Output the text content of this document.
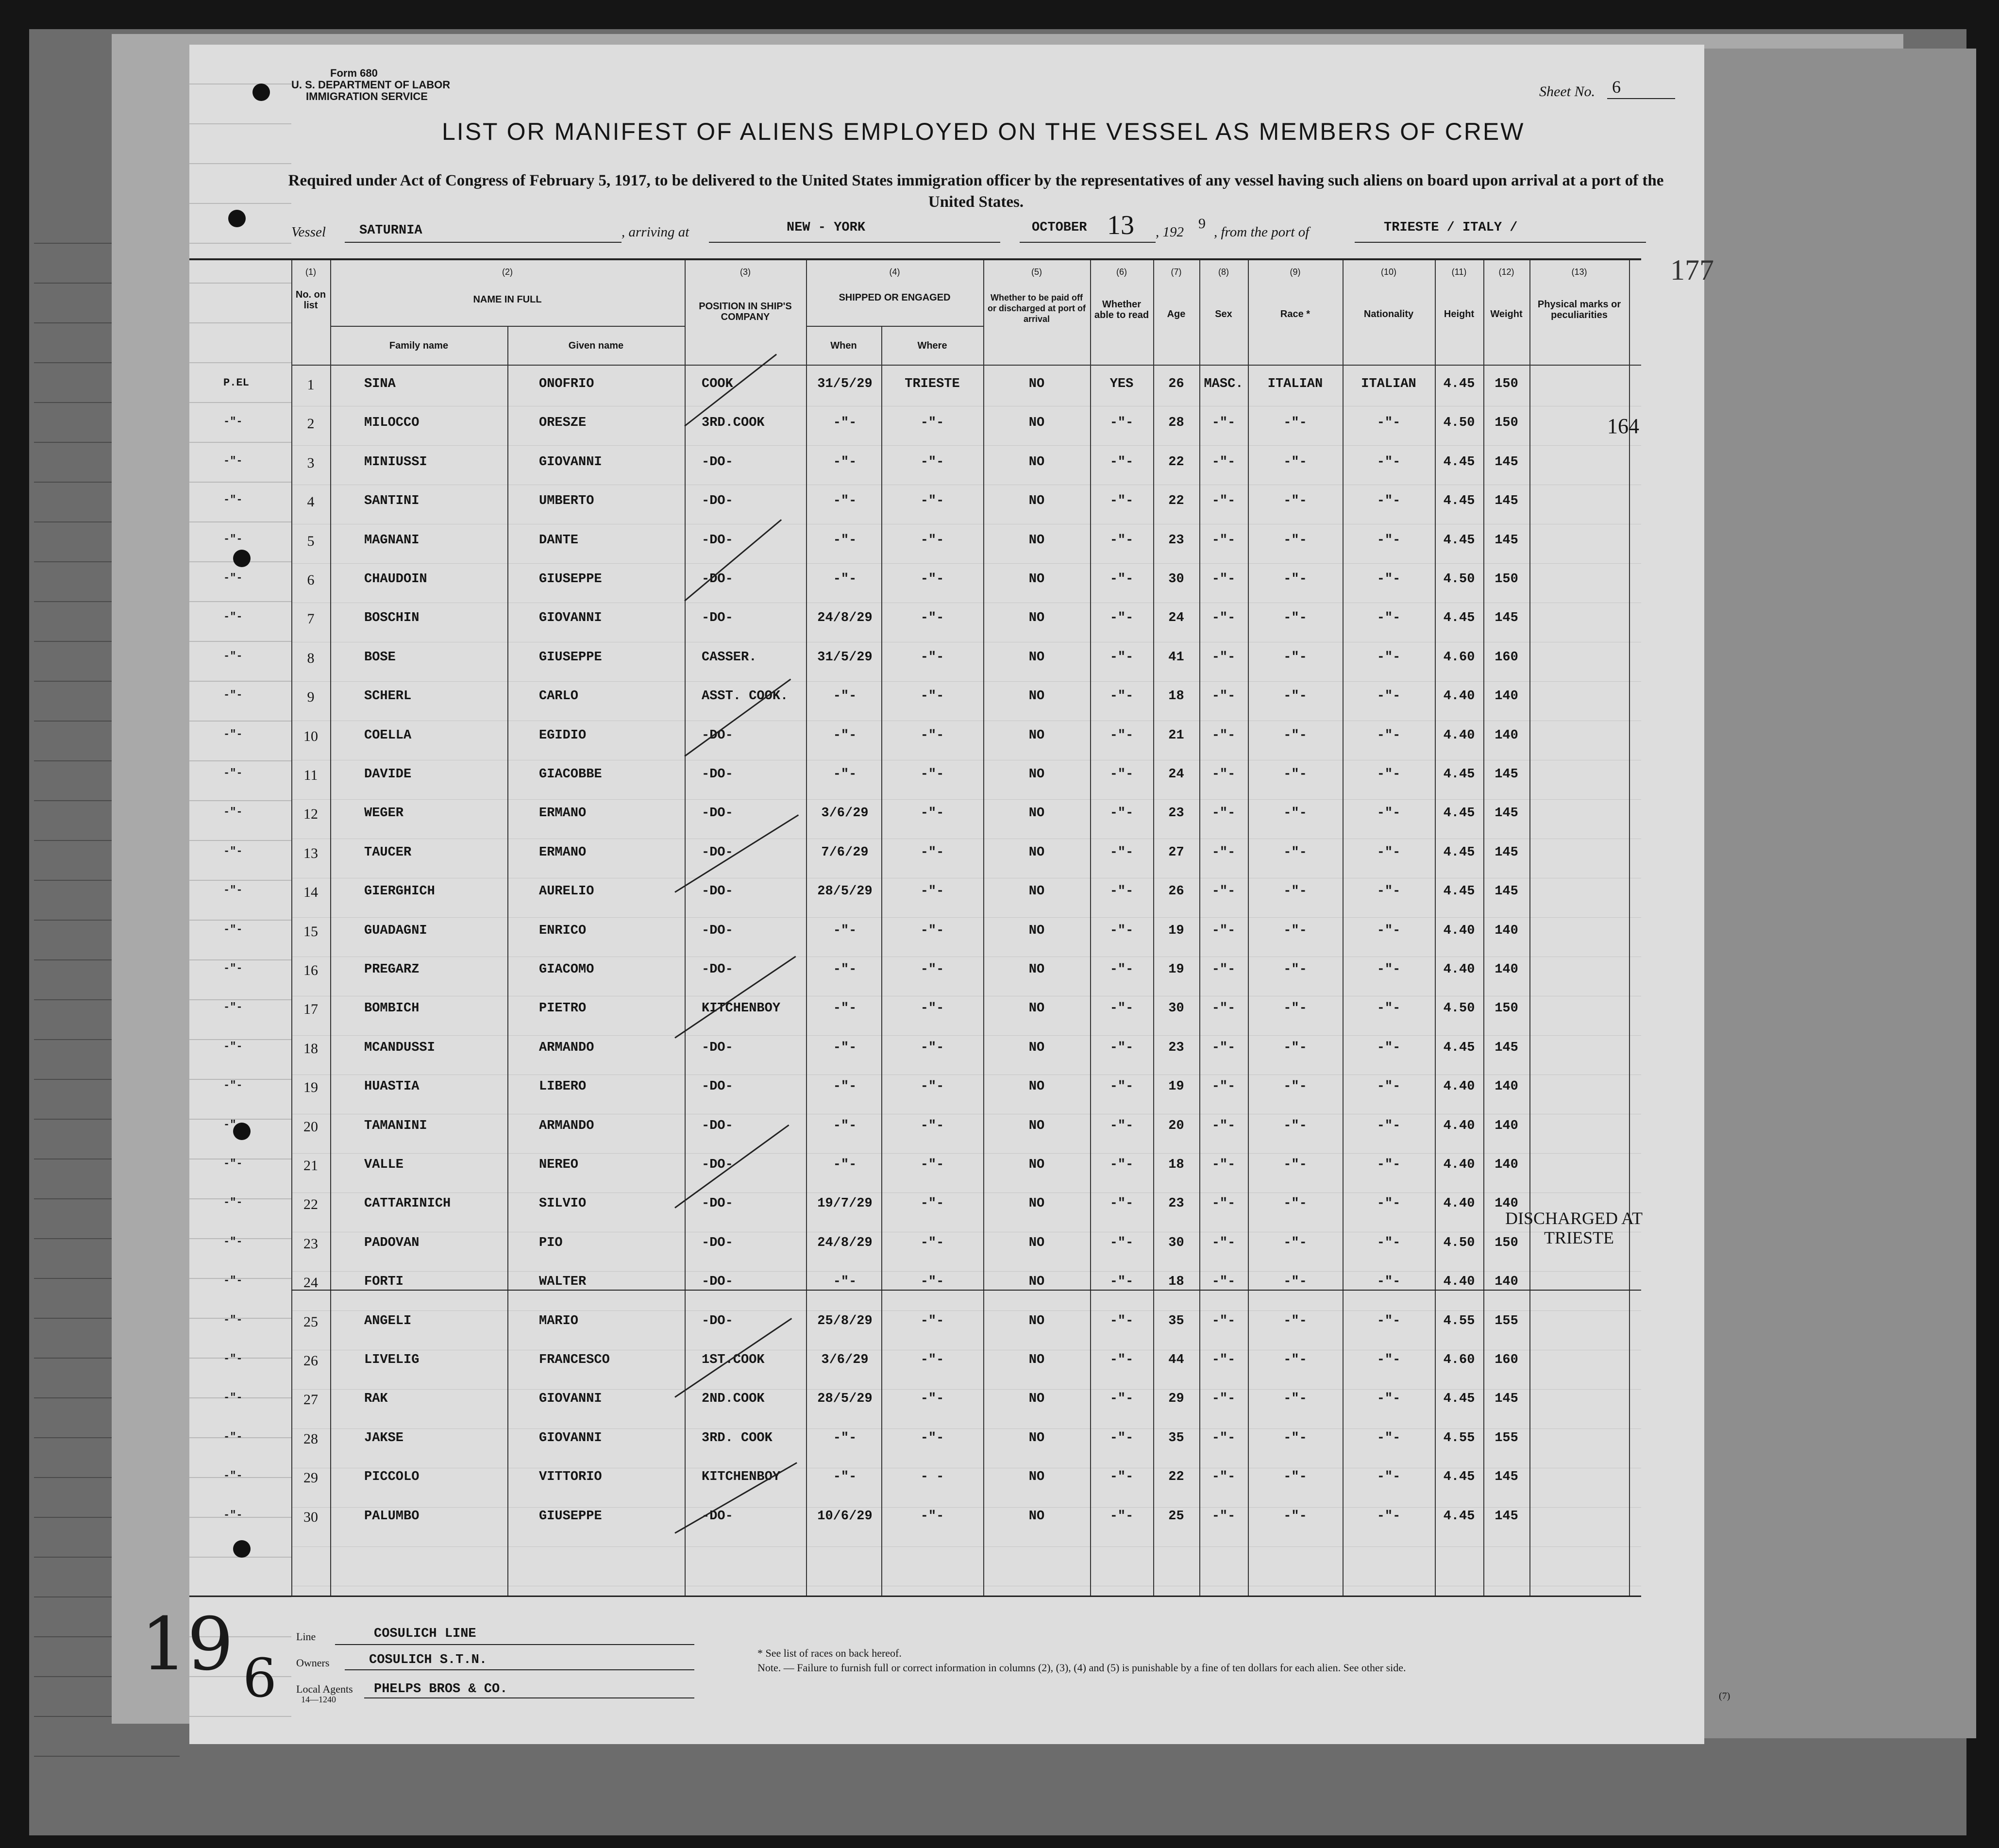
Form 680
U. S. DEPARTMENT OF LABOR
IMMIGRATION SERVICE	Sheet No. 6
LIST OR MANIFEST OF ALIENS EMPLOYED ON THE VESSEL AS MEMBERS OF CREW
Required under Act of Congress of February 5, 1917, to be delivered to the United States immigration officer by the representatives of any vessel having such aliens on board upon arrival at a port of the United States.
Vessel	SATURNIA	, arriving at	NEW - YORK	OCTOBER 13 , 192
9
, from the port of	TRIESTE / ITALY /
(1)	(2)	(3)	(4)	(5)	(6)	(7)	(8)	(9)	(10)	(11)	(12)	(13)
No. on list
NAME IN FULL
Family name	Given name
POSITION IN SHIP'S COMPANY
SHIPPED OR ENGAGED
When	Where
Whether to be paid off or discharged at port of arrival
Whether able to read	Age	Sex	Race *	Nationality	Height	Weight
Physical marks or peculiarities
P.EL	1	SINA	ONOFRIO	COOK	31/5/29	TRIESTE	NO	YES	26	MASC.	ITALIAN	ITALIAN	4.45	150
-"-	2	MILOCCO	ORESZE	3RD.COOK	-"-	-"-	NO	-"-	28	-"-	-"-	-"-	4.50	150
-"-	3	MINIUSSI	GIOVANNI	-DO-	-"-	-"-	NO	-"-	22	-"-	-"-	-"-	4.45	145
-"-	4	SANTINI	UMBERTO	-DO-	-"-	-"-	NO	-"-	22	-"-	-"-	-"-	4.45	145
-"-	5	MAGNANI	DANTE	-DO-	-"-	-"-	NO	-"-	23	-"-	-"-	-"-	4.45	145
-"-	6	CHAUDOIN	GIUSEPPE	-DO-	-"-	-"-	NO	-"-	30	-"-	-"-	-"-	4.50	150
-"-	7	BOSCHIN	GIOVANNI	-DO-	24/8/29	-"-	NO	-"-	24	-"-	-"-	-"-	4.45	145
-"-	8	BOSE	GIUSEPPE	CASSER.	31/5/29	-"-	NO	-"-	41	-"-	-"-	-"-	4.60	160
-"-	9	SCHERL	CARLO	ASST. COOK.	-"-	-"-	NO	-"-	18	-"-	-"-	-"-	4.40	140
-"-	10	COELLA	EGIDIO	-DO-	-"-	-"-	NO	-"-	21	-"-	-"-	-"-	4.40	140
-"-	11	DAVIDE	GIACOBBE	-DO-	-"-	-"-	NO	-"-	24	-"-	-"-	-"-	4.45	145
-"-	12	WEGER	ERMANO	-DO-	3/6/29	-"-	NO	-"-	23	-"-	-"-	-"-	4.45	145
-"-	13	TAUCER	ERMANO	-DO-	7/6/29	-"-	NO	-"-	27	-"-	-"-	-"-	4.45	145
-"-	14	GIERGHICH	AURELIO	-DO-	28/5/29	-"-	NO	-"-	26	-"-	-"-	-"-	4.45	145
-"-	15	GUADAGNI	ENRICO	-DO-	-"-	-"-	NO	-"-	19	-"-	-"-	-"-	4.40	140
-"-	16	PREGARZ	GIACOMO	-DO-	-"-	-"-	NO	-"-	19	-"-	-"-	-"-	4.40	140
-"-	17	BOMBICH	PIETRO	KITCHENBOY	-"-	-"-	NO	-"-	30	-"-	-"-	-"-	4.50	150
-"-	18	MCANDUSSI	ARMANDO	-DO-	-"-	-"-	NO	-"-	23	-"-	-"-	-"-	4.45	145
-"-	19	HUASTIA	LIBERO	-DO-	-"-	-"-	NO	-"-	19	-"-	-"-	-"-	4.40	140
-"-	20	TAMANINI	ARMANDO	-DO-	-"-	-"-	NO	-"-	20	-"-	-"-	-"-	4.40	140
-"-	21	VALLE	NEREO	-DO-	-"-	-"-	NO	-"-	18	-"-	-"-	-"-	4.40	140
-"-	22	CATTARINICH	SILVIO	-DO-	19/7/29	-"-	NO	-"-	23	-"-	-"-	-"-	4.40	140
-"-	23	PADOVAN	PIO	-DO-	24/8/29	-"-	NO	-"-	30	-"-	-"-	-"-	4.50	150
-"-	24	FORTI	WALTER	-DO-	-"-	-"-	NO	-"-	18	-"-	-"-	-"-	4.40	140
-"-	25	ANGELI	MARIO	-DO-	25/8/29	-"-	NO	-"-	35	-"-	-"-	-"-	4.55	155
-"-	26	LIVELIG	FRANCESCO	1ST.COOK	3/6/29	-"-	NO	-"-	44	-"-	-"-	-"-	4.60	160
-"-	27	RAK	GIOVANNI	2ND.COOK	28/5/29	-"-	NO	-"-	29	-"-	-"-	-"-	4.45	145
-"-	28	JAKSE	GIOVANNI	3RD. COOK	-"-	-"-	NO	-"-	35	-"-	-"-	-"-	4.55	155
-"-	29	PICCOLO	VITTORIO	KITCHENBOY	-"-	- -	NO	-"-	22	-"-	-"-	-"-	4.45	145
-"-	30	PALUMBO	GIUSEPPE	-DO-	10/6/29	-"-	NO	-"-	25	-"-	-"-	-"-	4.45	145
164
177
DISCHARGED AT
TRIESTE
Line	COSULICH LINE
Owners	COSULICH S.T.N.
Local Agents
14—1240
PHELPS BROS & CO.
* See list of races on back hereof.
Note. — Failure to furnish full or correct information in columns (2), (3), (4) and (5) is punishable by a fine of ten dollars for each alien. See other side.
(7)
6
19
